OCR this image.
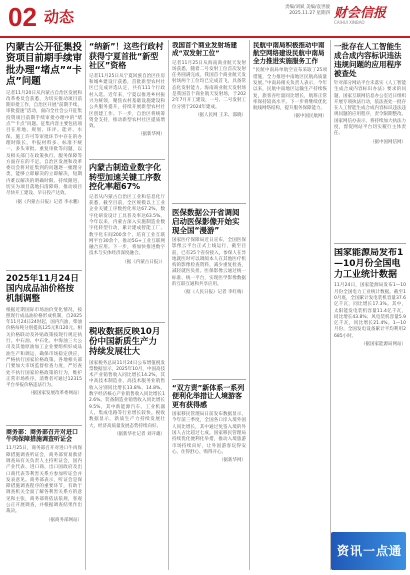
02 动态
责编/刘斌 美编/袁世骏
2025.11.27 星期四 财会信报
CAIHUI XINBAO
内蒙古公开征集投资项目前期手续审批办理“堵点”“卡点”问题

记者11月20日从内蒙古自治区发展和改革委员会获悉，为切实推动项目前期审批工作，自治区开展“前期手续、审批提速”活动，面向全社会公开征集投资项目前期手续审批办理中的“堵点”“卡点”问题。征集内容主要包括项目在用地、规划、环评、能评、水保、施工许可等审批环节中存在的办理时限长、申报材料多、标准不统一、多头审批、重复审批等问题，以及相关部门在政策执行、服务保障等方面存在的不足。自治区发展和改革委员会将对征集到的问题逐一梳理分类，能够立即解决的立即解决，短期内难以解决的明确时限、持续跟进，切实为项目落地扫清障碍，推动项目尽快开工建设、早日投产达效。

（据《内蒙古日报》记者 李永鹏）
2025年11月24日国内成品油价格按机制调整

根据近期国际市场油价变化情况，按照现行成品油价格形成机制，自2025年11月24日24时起，国内汽油、柴油价格每吨分别提高125元和120元。相关价格联动及补贴政策按现行规定执行。中石油、中石化、中海油三大公司及其他原油加工企业要组织好成品油生产和调运，确保市场稳定供应，严格执行国家价格政策。各地相关部门要加大市场监督检查力度，严厉查处不执行国家价格政策的行为，维护正常市场秩序。消费者可通过12315平台举报价格违法行为。

（据国家发展改革委网站）
商务部：商务部召开对进口牛肉保障措施调查听证会

11月25日，商务部召开对进口牛肉保障措施调查听证会，商务部贸易救济调查局有关负责人主持听证会，国内产业代表、进口商、出口国政府及出口商代表等利害关系方参加听证会并发表意见。商务部表示，听证会是保障措施调查程序的重要环节，有助于调查机关全面了解各利害关系方的意见和主张，商务部将依法依规，客观公正开展调查，并根据调查结果作出裁决。

（据商务部网站）
“纳新”！这些行政村获得宁夏首批“新型社区”资格

记者11月25日从宁夏回族自治区住房和城乡建设厅获悉，首批新型农村社区已完成评选认定，共有111个行政村入选。近年来，宁夏以推进乡村振兴为统领，聚焦农村基础设施建设和公共服务提升，持续开展新型农村社区创建工作。下一步，自治区将统筹资金支持，推动新型农村社区提质增效。

（据新华网）
内蒙古制造业数字化转型加速关键工序数控化率超67%

记者从内蒙古自治区工业和信息化厅获悉，截至目前，全区规模以上工业企业关键工序数控化率达67.2%，数字化研发设计工具普及率达63.5%。今年以来，内蒙古深入实施制造业数字化转型行动，累计建成智能工厂、数字化车间200余个，培育工业互联网平台30余个，推动5G+工业互联网融合应用。下一步，将加快推进数字技术与实体经济深度融合。

（据《内蒙古日报》）
税收数据反映10月份中国新质生产力持续发展壮大

国家税务总局11月24日公布增值税发票数据显示，2025年10月，中国高技术产业销售收入同比增长14.2%，其中高技术制造业、高技术服务业销售收入分别同比增长13.8%、14.8%。数字经济核心产业销售收入同比增长12.6%。装备制造业销售收入同比增长9.5%，其中新能源汽车、工业机器人、集成电路等行业增长较快。税收数据显示，新质生产力持续发展壮大，经济高质量发展态势持续向好。

（据新华社记者 刘开雄）
我国首个商业发射场建成“双发射工位”

记者11月25日从海南商业航天发射场获悉，随着二号发射工位首次发射任务圆满完成，我国首个商业航天发射场两个工位均已完成首飞，具备常态化发射能力。海南商业航天发射场是我国首个商业航天发射场，于2022年7月开工建设，一号、二号发射工位分别于2024年建成。

（据人民网 王禾、邵晓）
医保数据公开省调阅启动医保影像开始实现全国“漫游”

国家医疗保障局近日宣布，全国医保影像云平台正式上线运行，截至目前，已有25个省份接入，参保人在异地就医时可以调阅本人在其他医疗机构的影像检查资料，减少重复检查，减轻就医负担。医保影像云通过统一标准、统一平台，实现医学影像数据的互联互通和共享应用。

（据《人民日报》记者 李红梅）
“双方责”新体系一系列便利化举措让人境游客更有获得感

国家移民管理局日前发布数据显示，今年前三季度，全国各口岸入境外国人同比增长，其中通过免签入境的外国人占比超过七成。国家移民管理局持续优化便利化举措，推动入境旅游市场持续向好，让外国游客玩得安心、住得舒心、购得开心。

（据新华网）
民航中南局积极推动中南航空网络建设民航中南局全力推进实施服务工作

“民航中南局单航空宣布采取了25项措施，全力推进中南地区民航高质量发展。”中南局相关负责人表示，今年以来，民航中南地区运输生产持续恢复，旅客吞吐量同比增长，航班正常率保持较高水平。下一步将继续优化航线网络结构，提升服务保障能力。

（据中国民航网）
一批存在人工智能生成合成内容标识违法违规问题的应用程序被查处

针对部分网站平台未落实《人工智能生成合成内容标识办法》要求的问题，国家互联网信息办公室近日组织开展专项执法行动，依法查处一批存在人工智能生成合成内容标识违法违规问题的应用程序，责令限期整改。国家网信办表示，将持续加大执法力度，督促网站平台切实履行主体责任。

（据中国网信网）
国家能源局发布1—10月份全国电力工业统计数据

11月24日，国家能源局发布1—10月份全国电力工业统计数据。截至10月底，全国累计发电装机容量37.6亿千瓦，同比增长17.3%。其中，太阳能发电装机容量11.4亿千瓦，同比增长43.8%；风电装机容量5.9亿千瓦，同比增长21.4%。1—10月份，全国发电设备累计平均利用2685小时。

（据国家能源局网站）
资讯一点通
